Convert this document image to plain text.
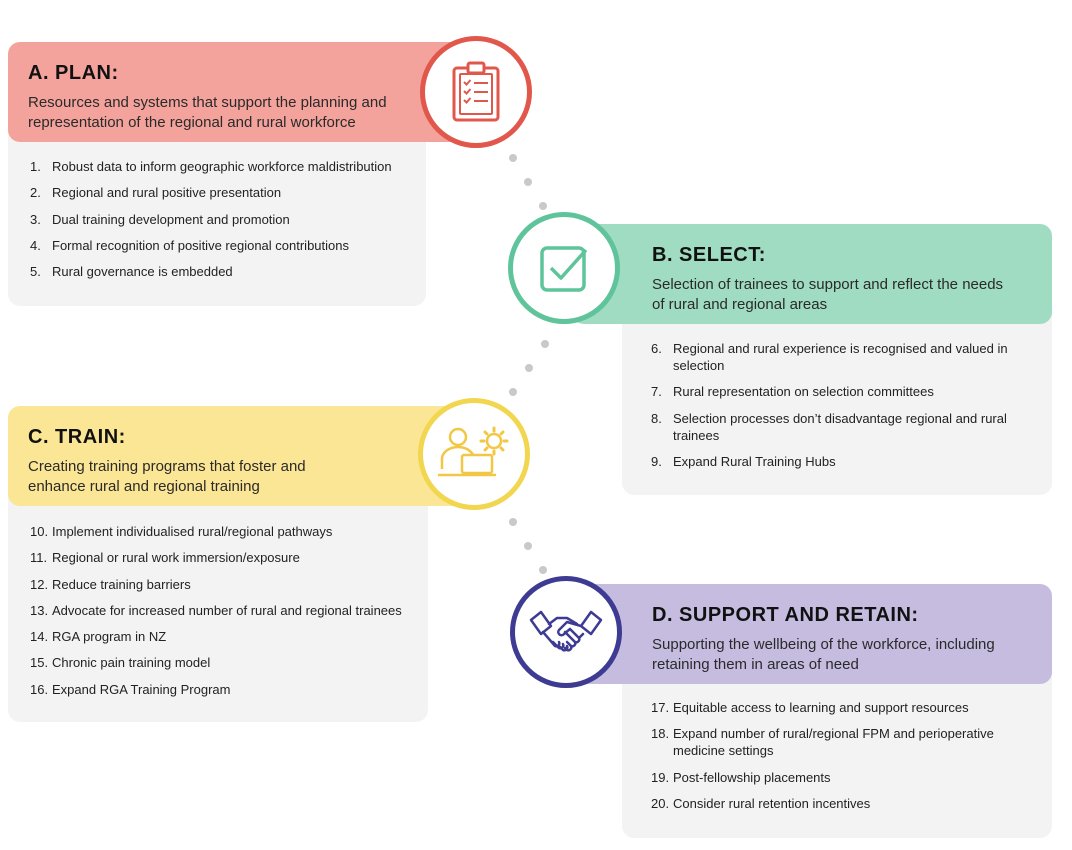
A. PLAN:

Resources and systems that support the planning and representation of the regional and rural workforce

1. Robust data to inform geographic workforce maldistribution
2. Regional and rural positive presentation
3. Dual training development and promotion
4. Formal recognition of positive regional contributions
5. Rural governance is embedded
B. SELECT:

Selection of trainees to support and reflect the needs of rural and regional areas

6. Regional and rural experience is recognised and valued in selection
7. Rural representation on selection committees
8. Selection processes don’t disadvantage regional and rural trainees
9. Expand Rural Training Hubs
C. TRAIN:

Creating training programs that foster and enhance rural and regional training

10. Implement individualised rural/regional pathways
11. Regional or rural work immersion/exposure
12. Reduce training barriers
13. Advocate for increased number of rural and regional trainees
14. RGA program in NZ
15. Chronic pain training model
16. Expand RGA Training Program
D. SUPPORT AND RETAIN:

Supporting the wellbeing of the workforce, including retaining them in areas of need

17. Equitable access to learning and support resources
18. Expand number of rural/regional FPM and perioperative medicine settings
19. Post-fellowship placements
20. Consider rural retention incentives
